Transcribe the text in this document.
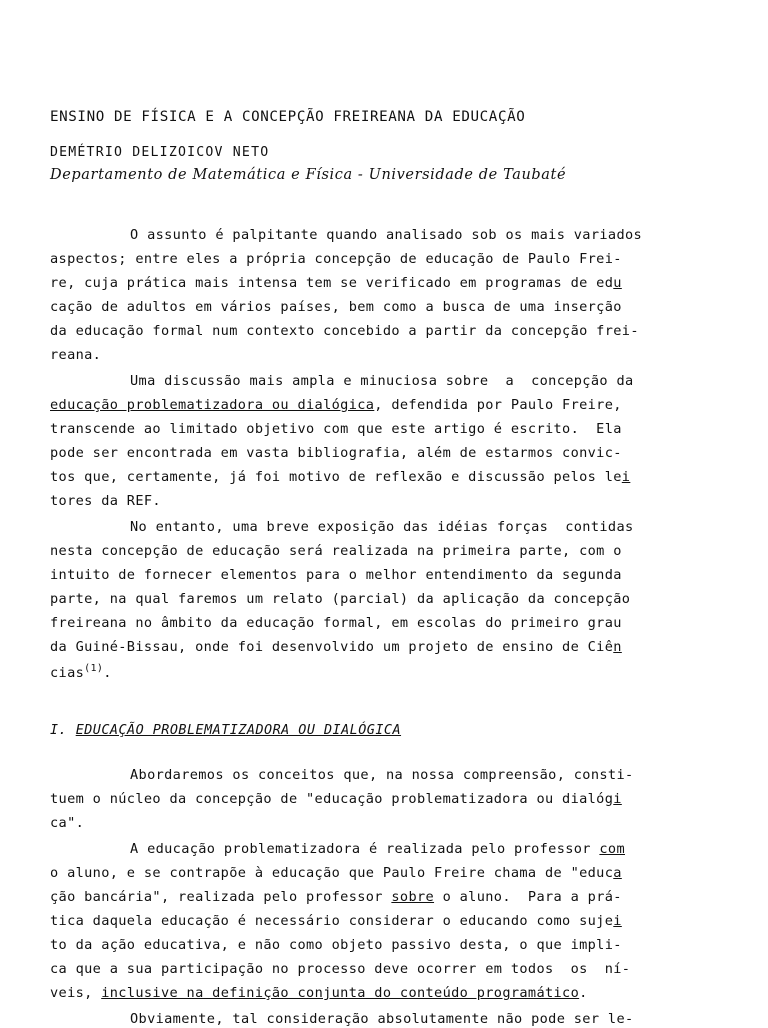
ENSINO DE FÍSICA E A CONCEPÇÃO FREIREANA DA EDUCAÇÃO
DEMÉTRIO DELIZOICOV NETO
Departamento de Matemática e Física - Universidade de Taubaté
O assunto é palpitante quando analisado sob os mais variados
aspectos; entre eles a própria concepção de educação de Paulo Frei-
re, cuja prática mais intensa tem se verificado em programas de edu
cação de adultos em vários países, bem como a busca de uma inserção
da educação formal num contexto concebido a partir da concepção frei-
reana.
Uma discussão mais ampla e minuciosa sobre  a  concepção da
educação problematizadora ou dialógica, defendida por Paulo Freire,
transcende ao limitado objetivo com que este artigo é escrito.  Ela
pode ser encontrada em vasta bibliografia, além de estarmos convic-
tos que, certamente, já foi motivo de reflexão e discussão pelos lei
tores da REF.
No entanto, uma breve exposição das idéias forças  contidas
nesta concepção de educação será realizada na primeira parte, com o
intuito de fornecer elementos para o melhor entendimento da segunda
parte, na qual faremos um relato (parcial) da aplicação da concepção
freireana no âmbito da educação formal, em escolas do primeiro grau
da Guiné-Bissau, onde foi desenvolvido um projeto de ensino de Ciên
cias$^{(1)}$.
I. EDUCAÇÃO PROBLEMATIZADORA OU DIALÓGICA
Abordaremos os conceitos que, na nossa compreensão, consti-
tuem o núcleo da concepção de "educação problematizadora ou dialógi
ca".
A educação problematizadora é realizada pelo professor com
o aluno, e se contrapõe à educação que Paulo Freire chama de "educa
ção bancária", realizada pelo professor sobre o aluno.  Para a prá-
tica daquela educação é necessário considerar o educando como sujei
to da ação educativa, e não como objeto passivo desta, o que impli-
ca que a sua participação no processo deve ocorrer em todos  os  ní-
veis, inclusive na definição conjunta do conteúdo programático.
Obviamente, tal consideração absolutamente não pode ser le-
